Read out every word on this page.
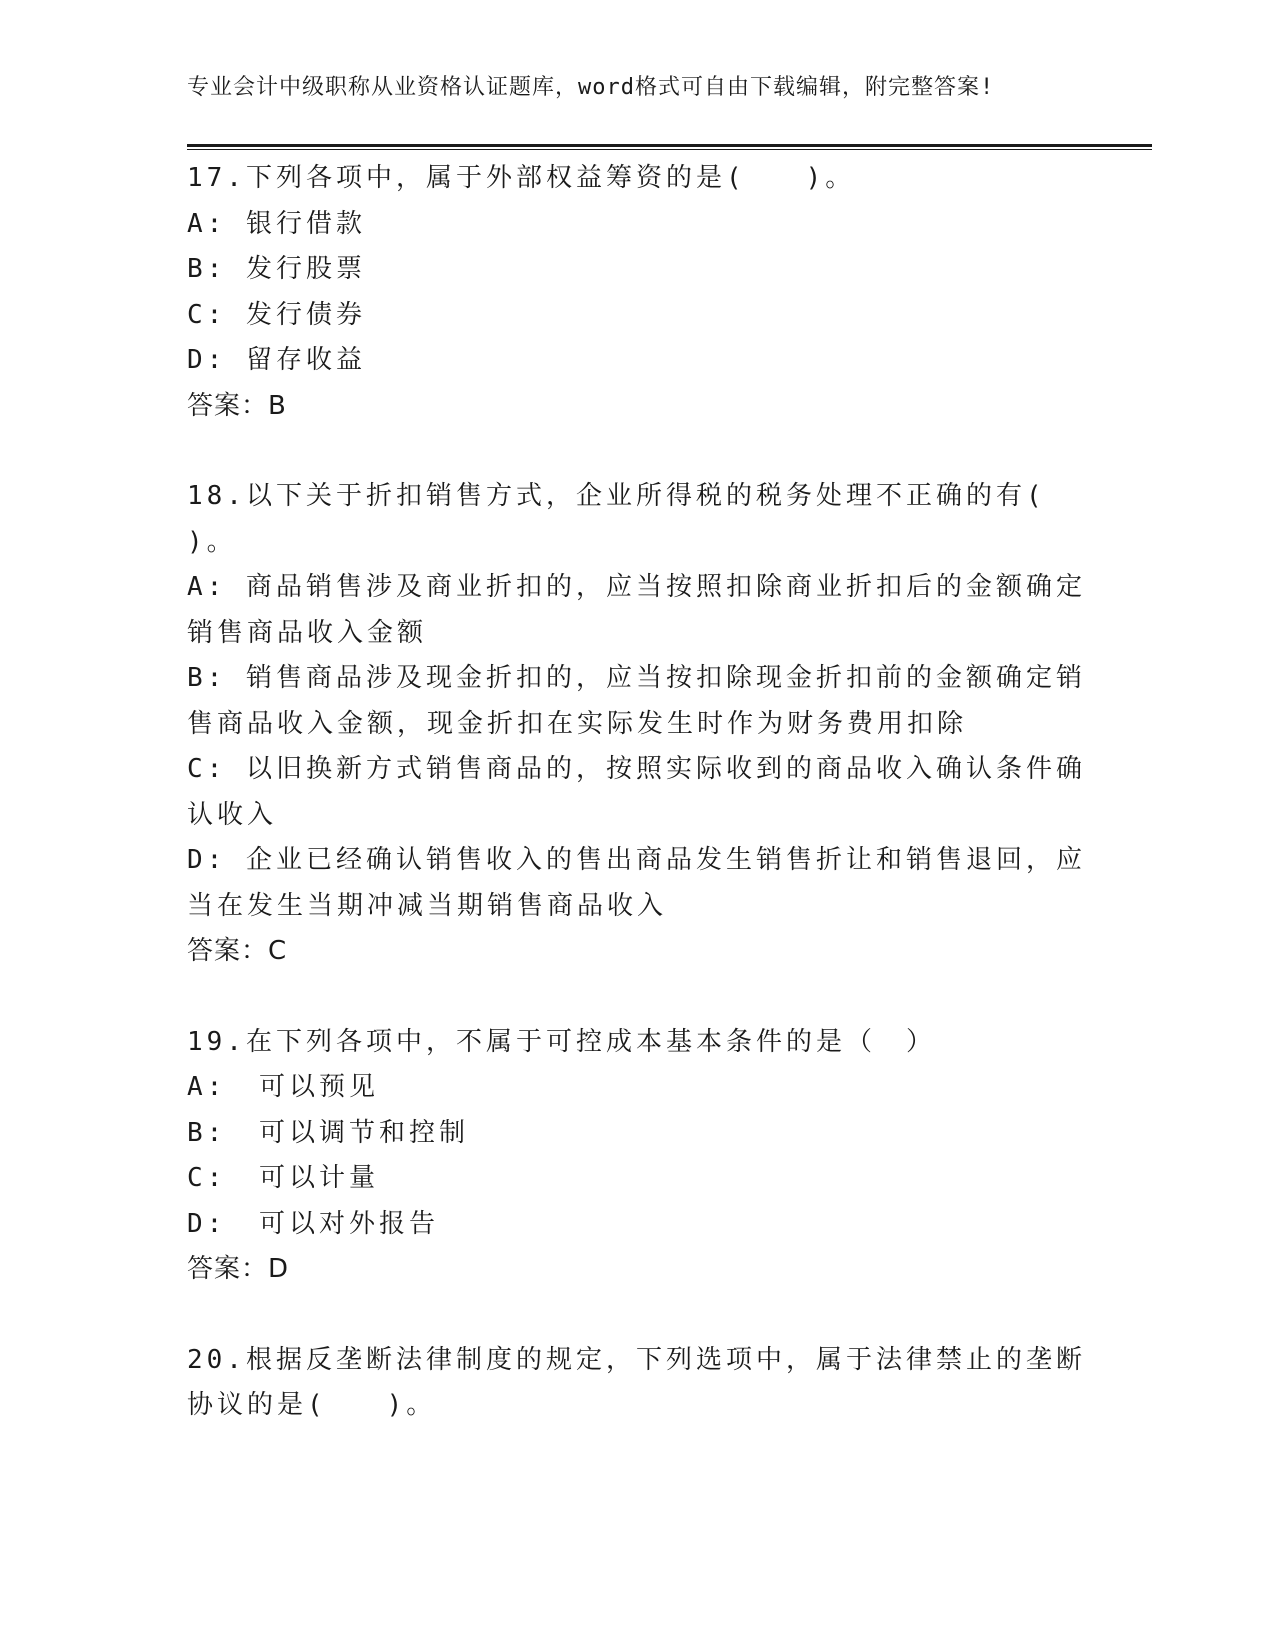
专业会计中级职称从业资格认证题库，word格式可自由下载编辑，附完整答案!
17.下列各项中，属于外部权益筹资的是(　　)。
A: 银行借款
B: 发行股票
C: 发行债券
D: 留存收益
答案：B
18.以下关于折扣销售方式，企业所得税的税务处理不正确的有(　　)。
A: 商品销售涉及商业折扣的，应当按照扣除商业折扣后的金额确定销售商品收入金额
B: 销售商品涉及现金折扣的，应当按扣除现金折扣前的金额确定销售商品收入金额，现金折扣在实际发生时作为财务费用扣除
C: 以旧换新方式销售商品的，按照实际收到的商品收入确认条件确认收入
D: 企业已经确认销售收入的售出商品发生销售折让和销售退回，应当在发生当期冲减当期销售商品收入
答案：C
19.在下列各项中，不属于可控成本基本条件的是（　）
A: 可以预见
B: 可以调节和控制
C: 可以计量
D: 可以对外报告
答案：D
20.根据反垄断法律制度的规定，下列选项中，属于法律禁止的垄断协议的是(　　)。
